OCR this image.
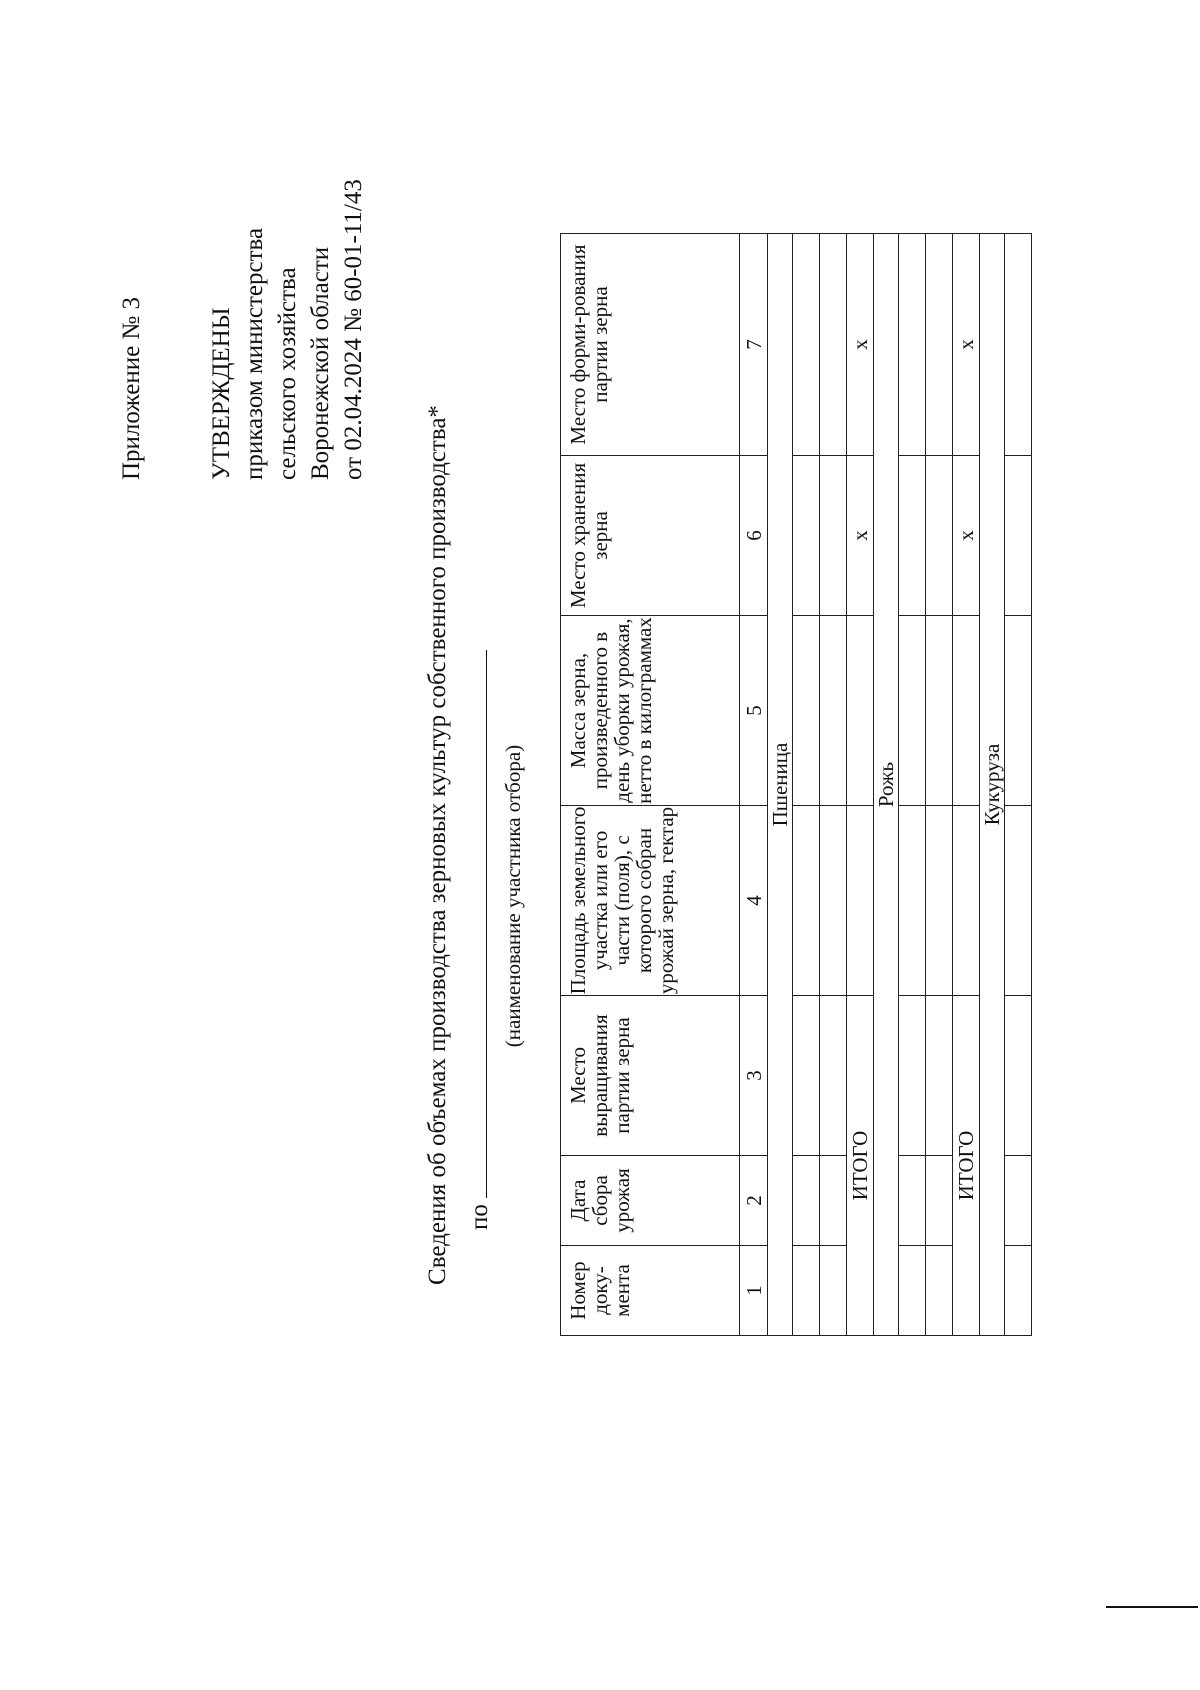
Приложение № 3	УТВЕРЖДЕНЫ приказом министерства сельского хозяйства Воронежской области от 02.04.2024 № 60-01-11/43
Сведения об объемах производства зерновых культур собственного производства* по
(наименование участника отбора)
Номер доку-мента	Дата сбора урожая	Место выращивания партии зерна	Площадь земельного участка или его части (поля), с которого собран урожай зерна, гектар	Масса зерна, произведенного в день уборки урожая, нетто в килограммах	Место хранения зерна	Место форми-рования партии зерна
1	2	3	4	5	6	7
Пшеница						

ИТОГО					х	х
Рожь						

ИТОГО					х	х
Кукуруза						
